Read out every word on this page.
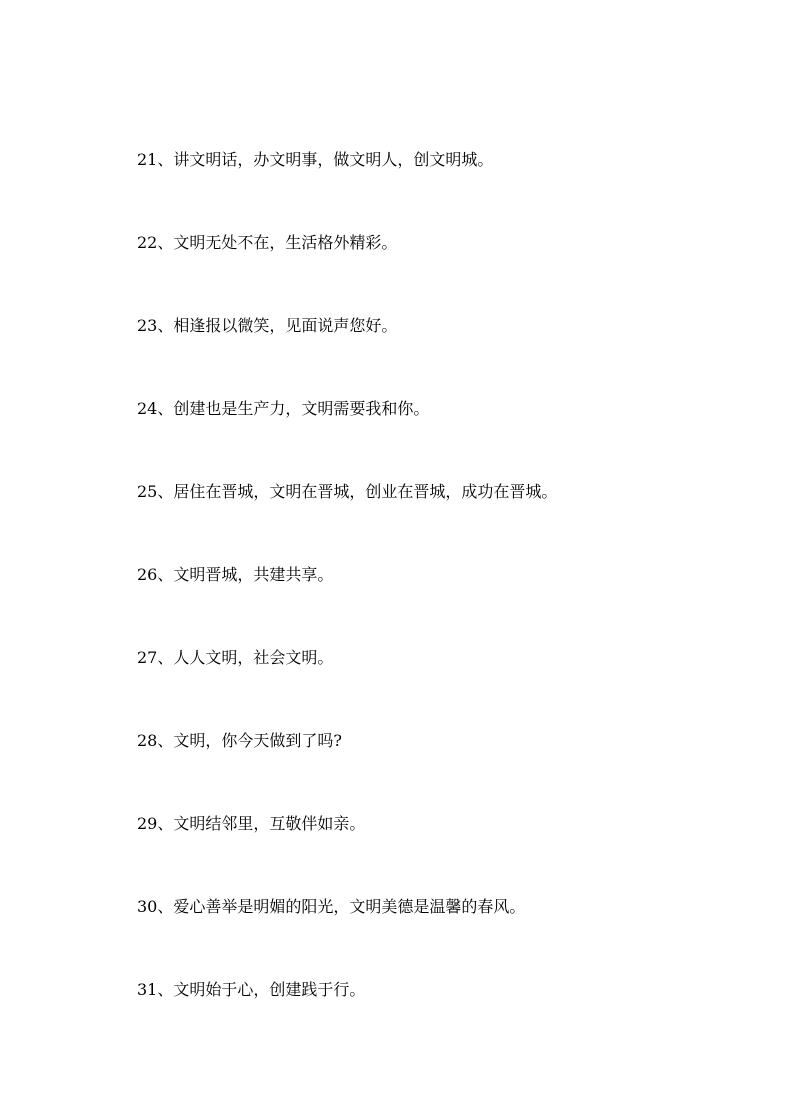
21、讲文明话，办文明事，做文明人，创文明城。
22、文明无处不在，生活格外精彩。
23、相逢报以微笑，见面说声您好。
24、创建也是生产力，文明需要我和你。
25、居住在晋城，文明在晋城，创业在晋城，成功在晋城。
26、文明晋城，共建共享。
27、人人文明，社会文明。
28、文明，你今天做到了吗?
29、文明结邻里，互敬伴如亲。
30、爱心善举是明媚的阳光，文明美德是温馨的春风。
31、文明始于心，创建践于行。
